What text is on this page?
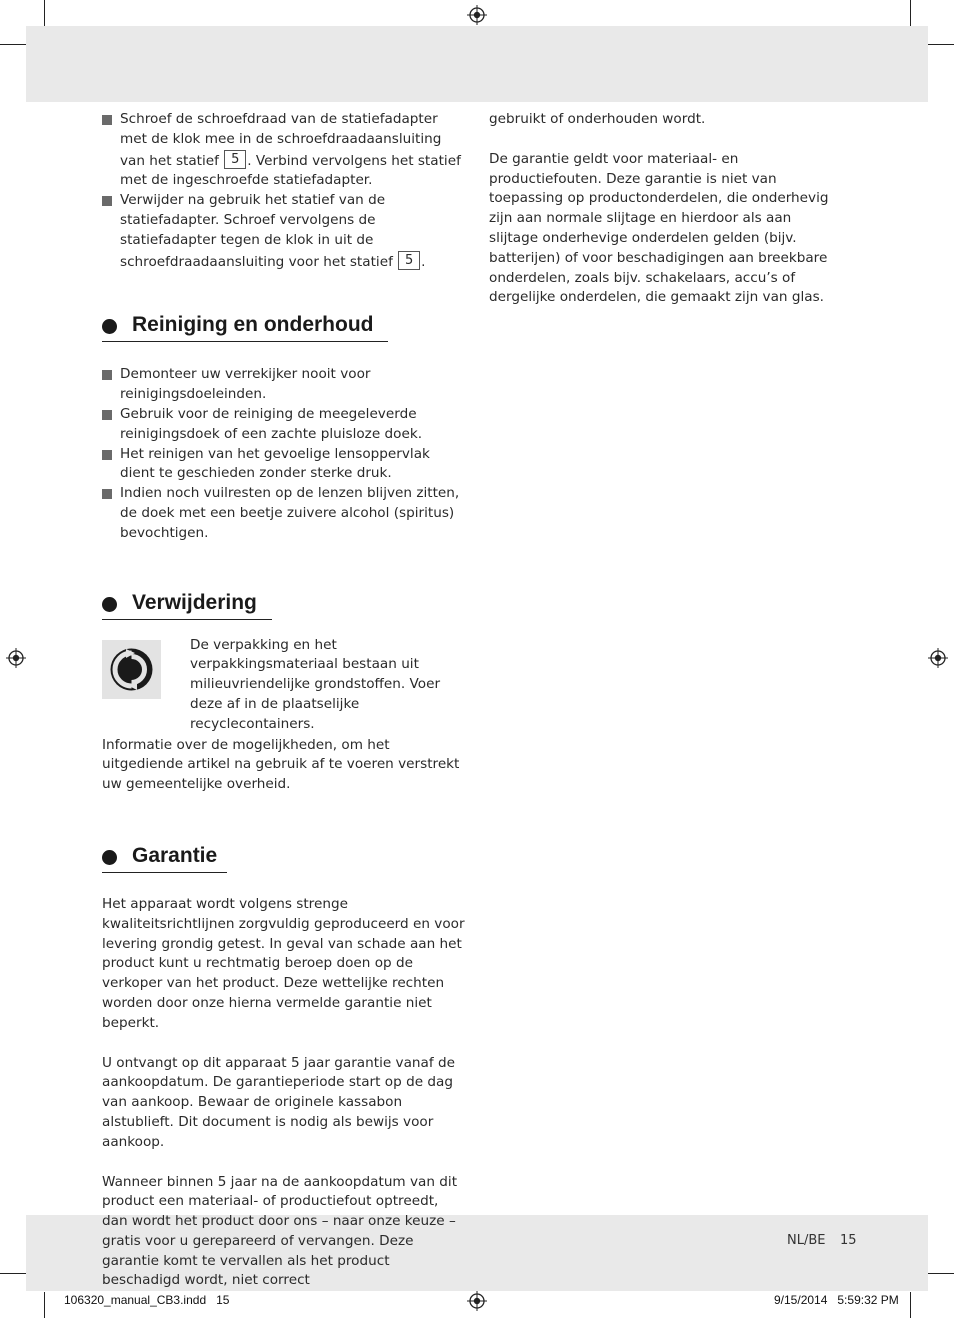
Schroef de schroefdraad van de statiefadapter met de klok mee in de schroefdraadaansluiting van het statief 5 . Verbind vervolgens het statief met de ingeschroefde statiefadapter.
Verwijder na gebruik het statief van de statiefadapter. Schroef vervolgens de statiefadapter tegen de klok in uit de schroefdraadaansluiting voor het statief 5 .
Reiniging en onderhoud
Demonteer uw verrekijker nooit voor reinigingsdoeleinden.
Gebruik voor de reiniging de meegeleverde reinigingsdoek of een zachte pluisloze doek.
Het reinigen van het gevoelige lensoppervlak dient te geschieden zonder sterke druk.
Indien noch vuilresten op de lenzen blijven zitten, de doek met een beetje zuivere alcohol (spiritus) bevochtigen.
Verwijdering

De verpakking en het verpakkingsmateriaal bestaan uit milieuvriendelijke grondstoffen. Voer deze af in de plaatselijke recyclecontainers.

Informatie over de mogelijkheden, om het uitgediende artikel na gebruik af te voeren verstrekt uw gemeentelijke overheid.

Garantie

Het apparaat wordt volgens strenge kwaliteitsrichtlijnen zorgvuldig geproduceerd en voor levering grondig getest. In geval van schade aan het product kunt u rechtmatig beroep doen op de verkoper van het product. Deze wettelijke rechten worden door onze hierna vermelde garantie niet beperkt.

U ontvangt op dit apparaat 5 jaar garantie vanaf de aankoopdatum. De garantieperiode start op de dag van aankoop. Bewaar de originele kassabon alstublieft. Dit document is nodig als bewijs voor aankoop.

Wanneer binnen 5 jaar na de aankoopdatum van dit product een materiaal- of productiefout optreedt, dan wordt het product door ons – naar onze keuze – gratis voor u gerepareerd of vervangen. Deze garantie komt te vervallen als het product beschadigd wordt, niet correct

gebruikt of onderhouden wordt.

De garantie geldt voor materiaal- en productiefouten. Deze garantie is niet van toepassing op productonderdelen, die onderhevig zijn aan normale slijtage en hierdoor als aan slijtage onderhevige onderdelen gelden (bijv. batterijen) of voor beschadigingen aan breekbare onderdelen, zoals bijv. schakelaars, accu’s of dergelijke onderdelen, die gemaakt zijn van glas.

NL/BE 15
106320_manual_CB3.indd   15	9/15/2014   5:59:32 PM
